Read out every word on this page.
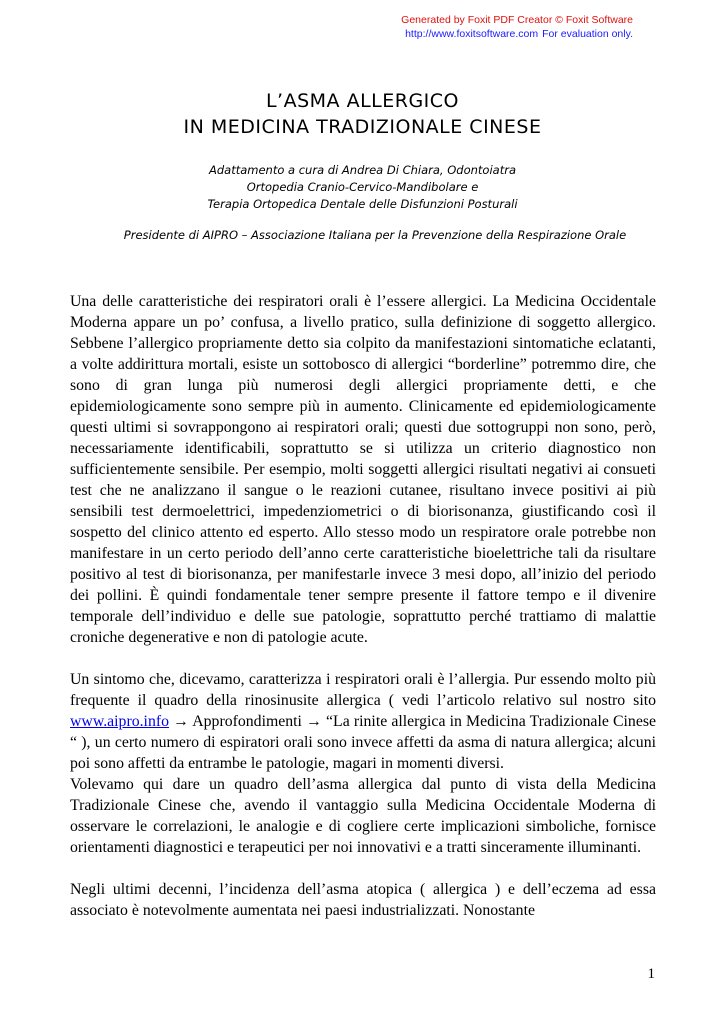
Generated by Foxit PDF Creator © Foxit Software
http://www.foxitsoftware.com For evaluation only.
L’ASMA ALLERGICO
IN MEDICINA TRADIZIONALE CINESE
Adattamento a cura di Andrea Di Chiara, Odontoiatra
Ortopedia Cranio-Cervico-Mandibolare e
Terapia Ortopedica Dentale delle Disfunzioni Posturali
Presidente di AIPRO – Associazione Italiana per la Prevenzione della Respirazione Orale

Una delle caratteristiche dei respiratori orali è l’essere allergici. La Medicina Occidentale Moderna appare un po’ confusa, a livello pratico, sulla definizione di soggetto allergico. Sebbene l’allergico propriamente detto sia colpito da manifestazioni sintomatiche eclatanti, a volte addirittura mortali, esiste un sottobosco di allergici “borderline” potremmo dire, che sono di gran lunga più numerosi degli allergici propriamente detti, e che epidemiologicamente sono sempre più in aumento. Clinicamente ed epidemiologicamente questi ultimi si sovrappongono ai respiratori orali; questi due sottogruppi non sono, però, necessariamente identificabili, soprattutto se si utilizza un criterio diagnostico non sufficientemente sensibile. Per esempio, molti soggetti allergici risultati negativi ai consueti test che ne analizzano il sangue o le reazioni cutanee, risultano invece positivi ai più sensibili test dermoelettrici, impedenziometrici o di biorisonanza, giustificando così il sospetto del clinico attento ed esperto. Allo stesso modo un respiratore orale potrebbe non manifestare in un certo periodo dell’anno certe caratteristiche bioelettriche tali da risultare positivo al test di biorisonanza, per manifestarle invece 3 mesi dopo, all’inizio del periodo dei pollini. È quindi fondamentale tener sempre presente il fattore tempo e il divenire temporale dell’individuo e delle sue patologie, soprattutto perché trattiamo di malattie croniche degenerative e non di patologie acute.

Un sintomo che, dicevamo, caratterizza i respiratori orali è l’allergia. Pur essendo molto più frequente il quadro della rinosinusite allergica ( vedi l’articolo relativo sul nostro sito www.aipro.info → Approfondimenti → “La rinite allergica in Medicina Tradizionale Cinese “ ), un certo numero di espiratori orali sono invece affetti da asma di natura allergica; alcuni poi sono affetti da entrambe le patologie, magari in momenti diversi.

Volevamo qui dare un quadro dell’asma allergica dal punto di vista della Medicina Tradizionale Cinese che, avendo il vantaggio sulla Medicina Occidentale Moderna di osservare le correlazioni, le analogie e di cogliere certe implicazioni simboliche, fornisce orientamenti diagnostici e terapeutici per noi innovativi e a tratti sinceramente illuminanti.

Negli ultimi decenni, l’incidenza dell’asma atopica ( allergica ) e dell’eczema ad essa associato è notevolmente aumentata nei paesi industrializzati. Nonostante

1
